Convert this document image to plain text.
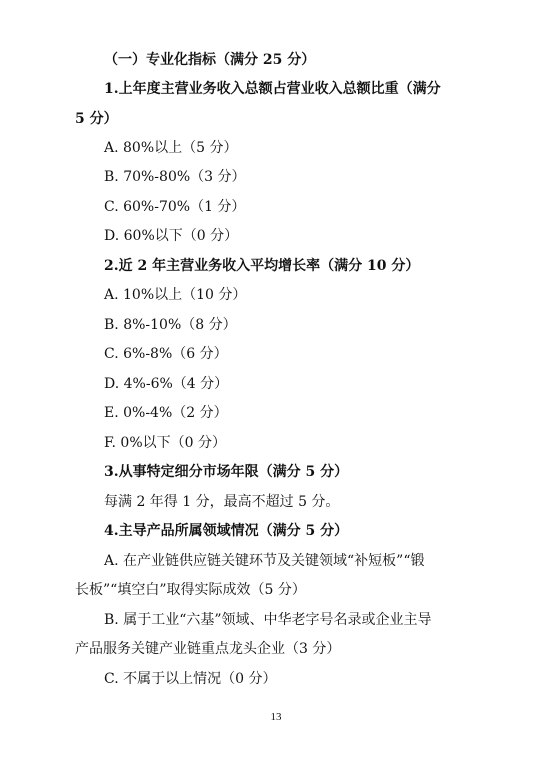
（一）专业化指标（满分 25 分）
1.上年度主营业务收入总额占营业收入总额比重（满分
5 分）
A. 80%以上（5 分）
B. 70%-80%（3 分）
C. 60%-70%（1 分）
D. 60%以下（0 分）
2.近 2 年主营业务收入平均增长率（满分 10 分）
A. 10%以上（10 分）
B. 8%-10%（8 分）
C. 6%-8%（6 分）
D. 4%-6%（4 分）
E. 0%-4%（2 分）
F. 0%以下（0 分）
3.从事特定细分市场年限（满分 5 分）
每满 2 年得 1 分，最高不超过 5 分。
4.主导产品所属领域情况（满分 5 分）
A. 在产业链供应链关键环节及关键领域“补短板”“锻
长板”“填空白”取得实际成效（5 分）
B. 属于工业“六基”领域、中华老字号名录或企业主导
产品服务关键产业链重点龙头企业（3 分）
C. 不属于以上情况（0 分）
13
